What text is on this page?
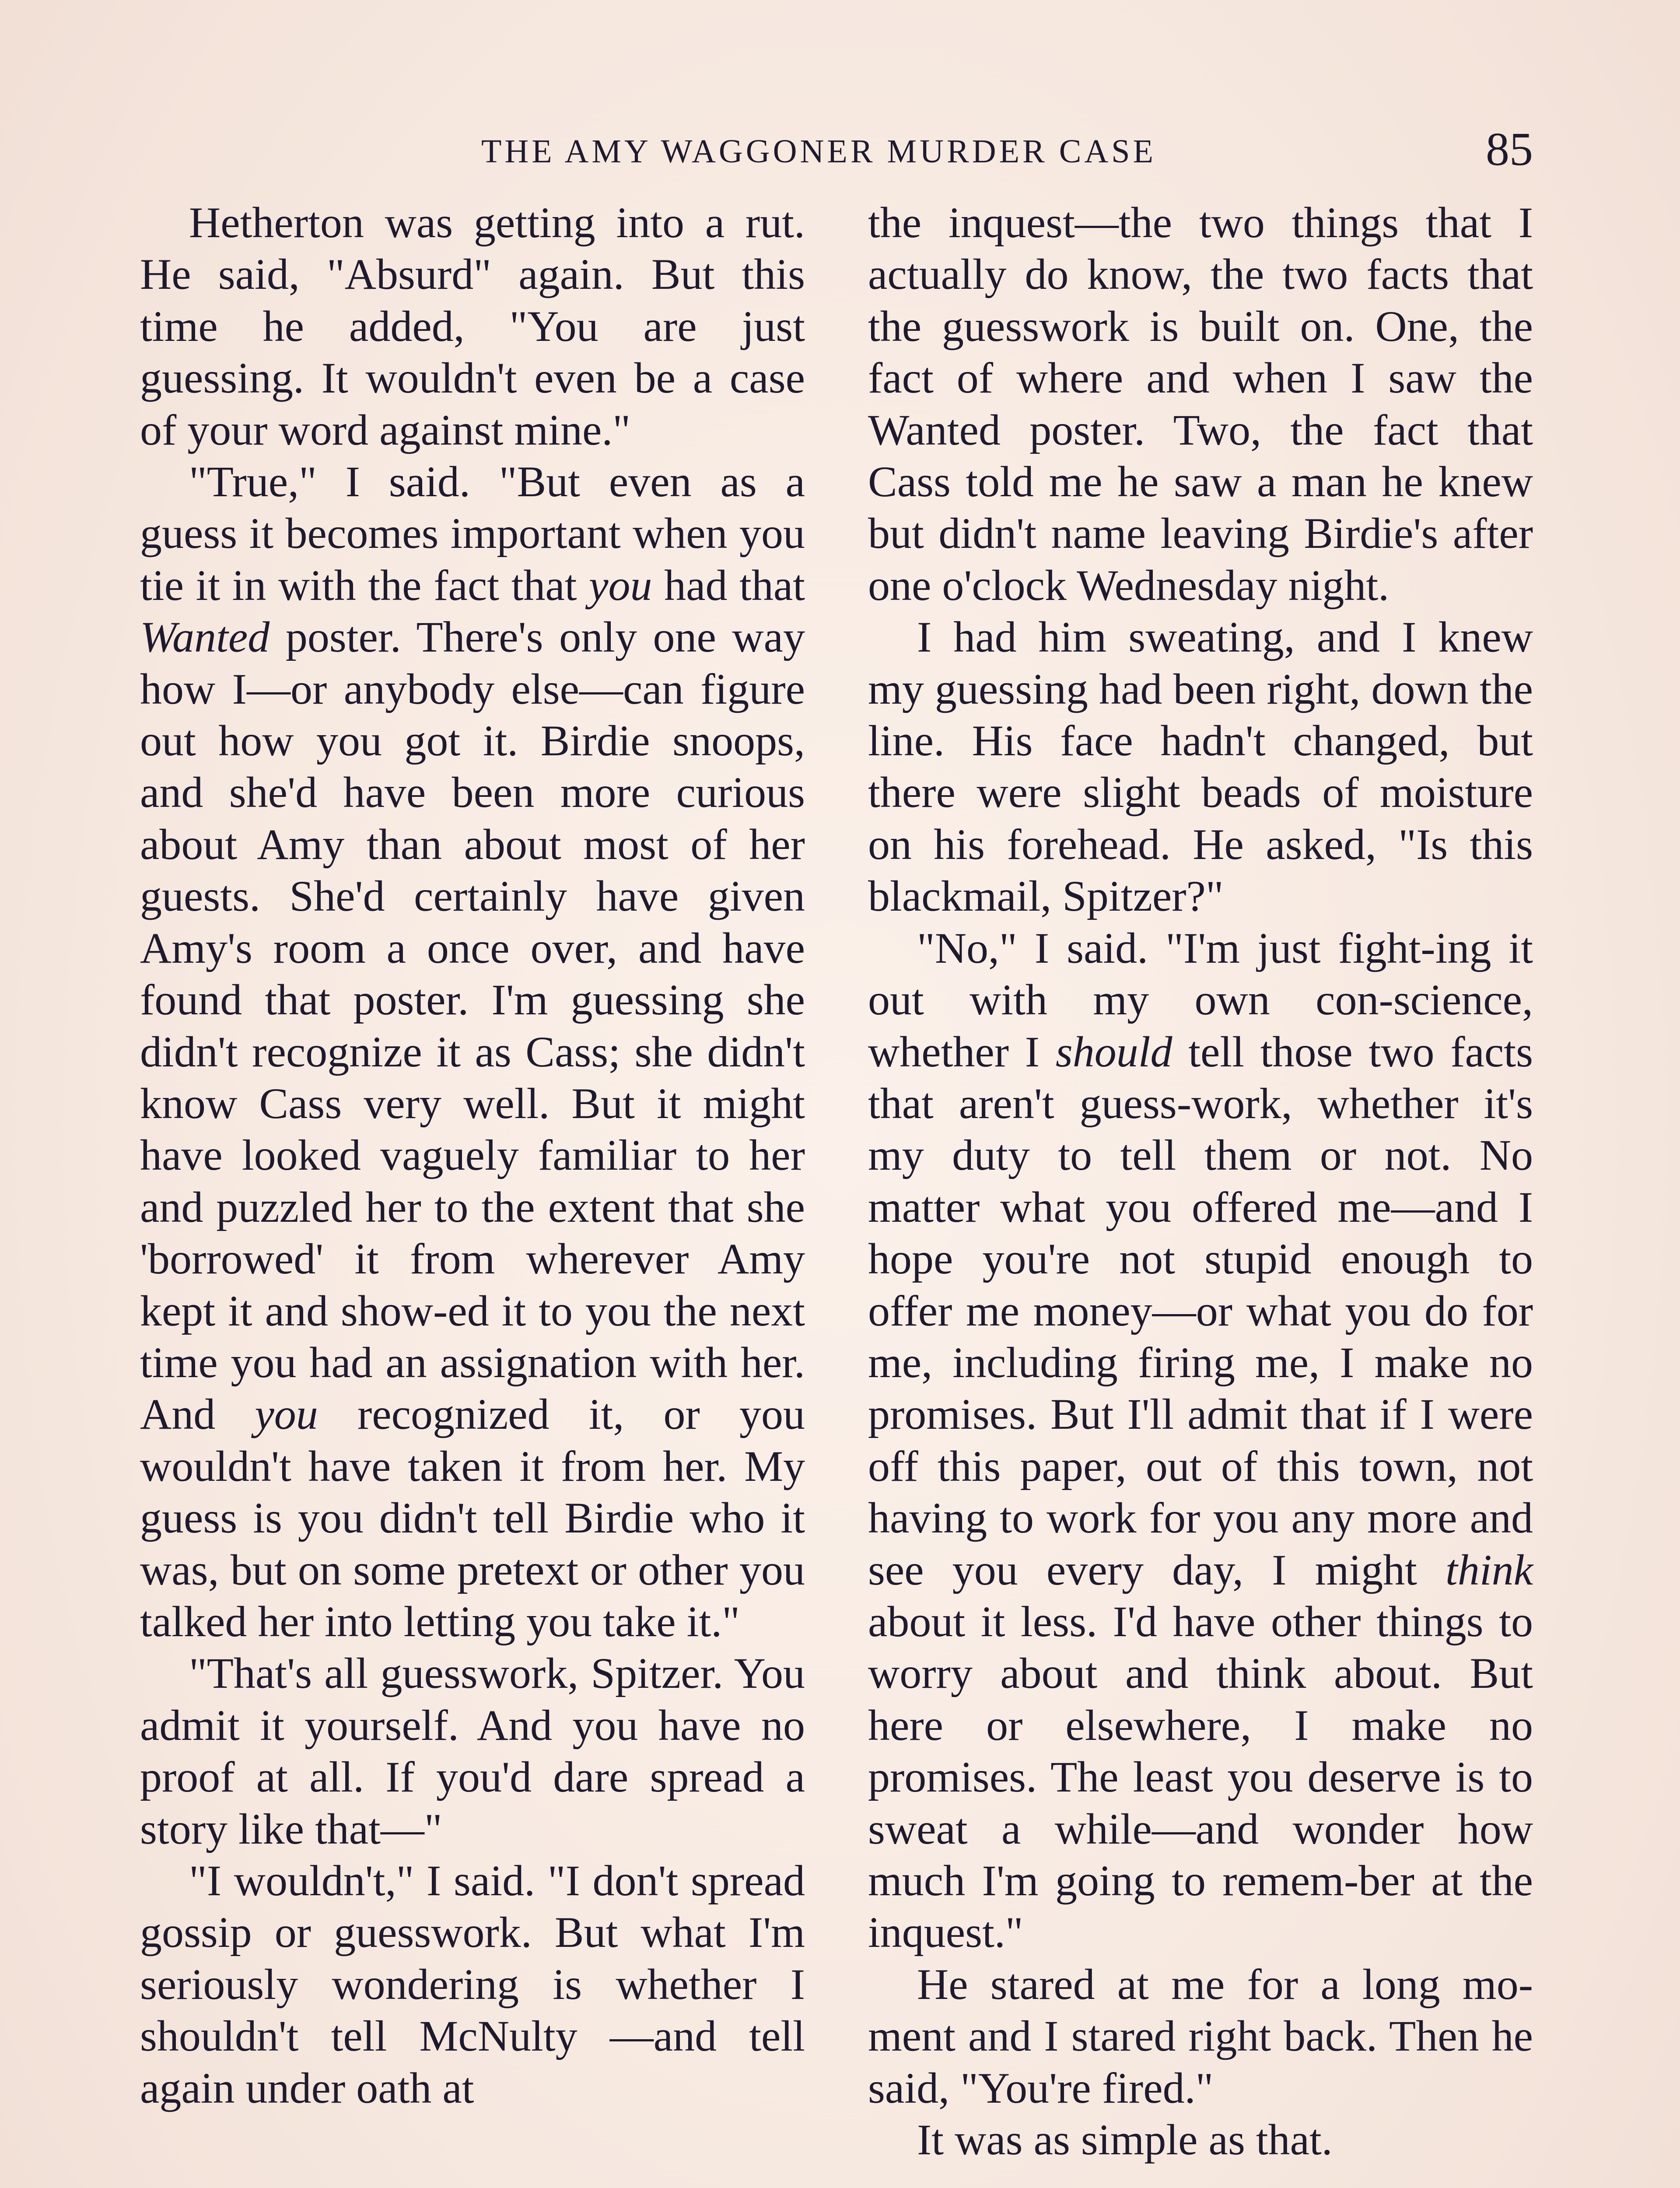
THE AMY WAGGONER MURDER CASE	85

Hetherton was getting into a rut. He said, "Absurd" again. But this time he added, "You are just guessing. It wouldn't even be a case of your word against mine."

"True," I said. "But even as a guess it becomes important when you tie it in with the fact that you had that Wanted poster. There's only one way how I—or anybody else—can figure out how you got it. Birdie snoops, and she'd have been more curious about Amy than about most of her guests. She'd certainly have given Amy's room a once over, and have found that poster. I'm guessing she didn't recognize it as Cass; she didn't know Cass very well. But it might have looked vaguely familiar to her and puzzled her to the extent that she 'borrowed' it from wherever Amy kept it and show-ed it to you the next time you had an assignation with her. And you recognized it, or you wouldn't have taken it from her. My guess is you didn't tell Birdie who it was, but on some pretext or other you talked her into letting you take it."

"That's all guesswork, Spitzer. You admit it yourself. And you have no proof at all. If you'd dare spread a story like that—"

"I wouldn't," I said. "I don't spread gossip or guesswork. But what I'm seriously wondering is whether I shouldn't tell McNulty —and tell again under oath at

the inquest—the two things that I actually do know, the two facts that the guesswork is built on. One, the fact of where and when I saw the Wanted poster. Two, the fact that Cass told me he saw a man he knew but didn't name leaving Birdie's after one o'clock Wednesday night.

I had him sweating, and I knew my guessing had been right, down the line. His face hadn't changed, but there were slight beads of moisture on his forehead. He asked, "Is this blackmail, Spitzer?"

"No," I said. "I'm just fight-ing it out with my own con-science, whether I should tell those two facts that aren't guess-work, whether it's my duty to tell them or not. No matter what you offered me—and I hope you're not stupid enough to offer me money—or what you do for me, including firing me, I make no promises. But I'll admit that if I were off this paper, out of this town, not having to work for you any more and see you every day, I might think about it less. I'd have other things to worry about and think about. But here or elsewhere, I make no promises. The least you deserve is to sweat a while—and wonder how much I'm going to remem-ber at the inquest."

He stared at me for a long mo-ment and I stared right back. Then he said, "You're fired."

It was as simple as that.
